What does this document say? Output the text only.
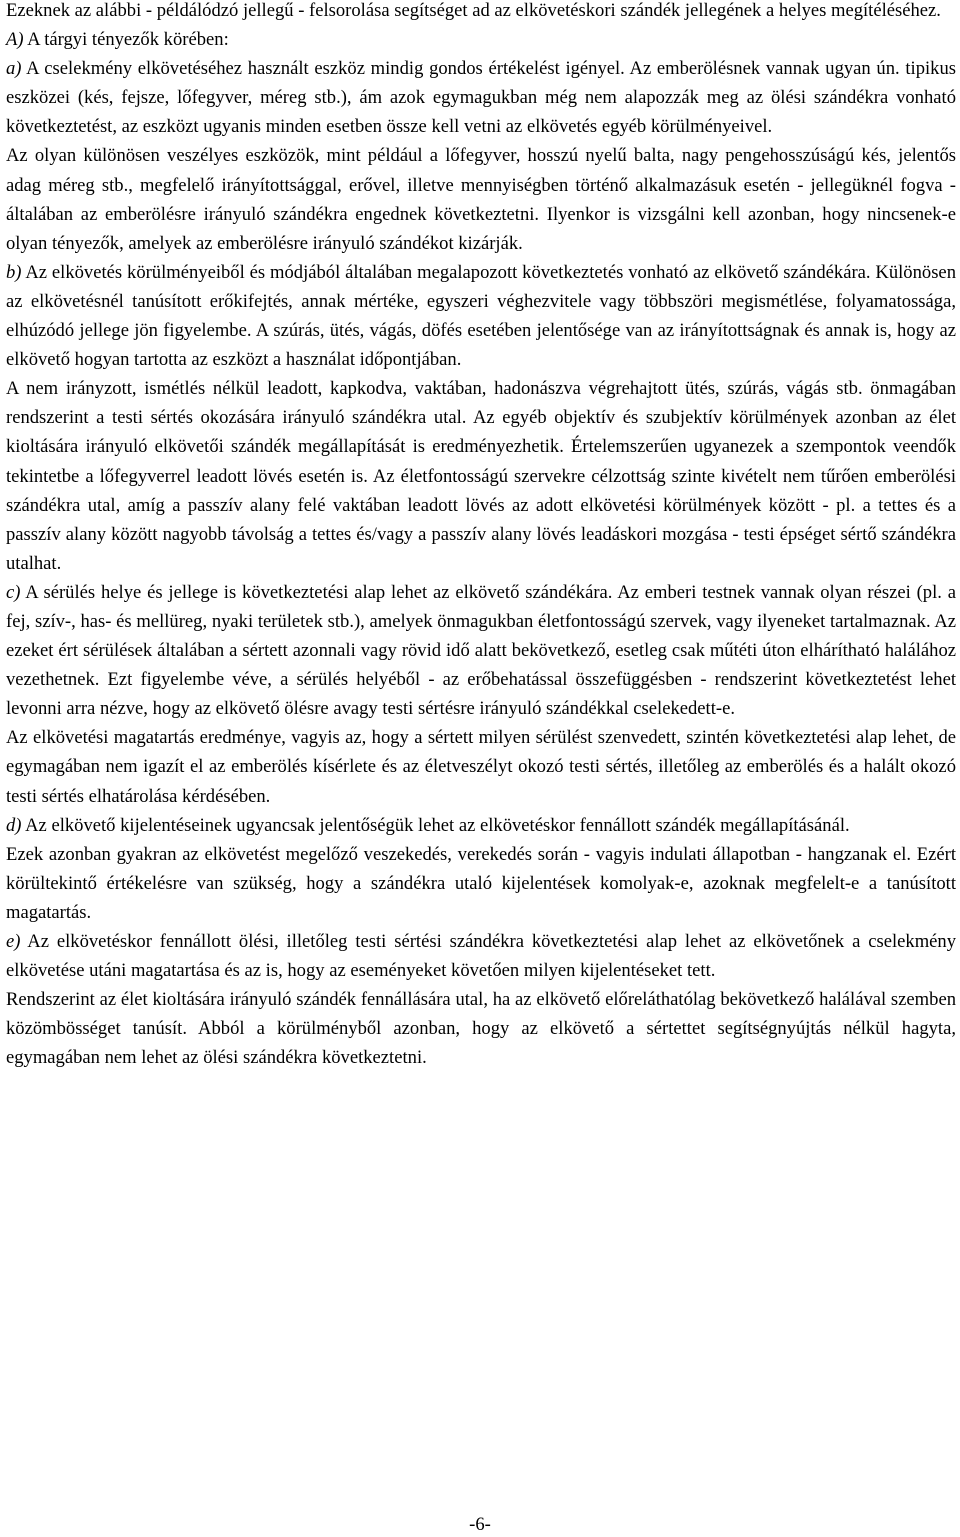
Ezeknek az alábbi - példálódzó jellegű - felsorolása segítséget ad az elkövetéskori szándék jellegének a helyes megítéléséhez.

A) A tárgyi tényezők körében:

a) A cselekmény elkövetéséhez használt eszköz mindig gondos értékelést igényel. Az emberölésnek vannak ugyan ún. tipikus eszközei (kés, fejsze, lőfegyver, méreg stb.), ám azok egymagukban még nem alapozzák meg az ölési szándékra vonható következtetést, az eszközt ugyanis minden esetben össze kell vetni az elkövetés egyéb körülményeivel.

Az olyan különösen veszélyes eszközök, mint például a lőfegyver, hosszú nyelű balta, nagy pengehosszúságú kés, jelentős adag méreg stb., megfelelő irányítottsággal, erővel, illetve mennyiségben történő alkalmazásuk esetén - jellegüknél fogva - általában az emberölésre irányuló szándékra engednek következtetni. Ilyenkor is vizsgálni kell azonban, hogy nincsenek-e olyan tényezők, amelyek az emberölésre irányuló szándékot kizárják.

b) Az elkövetés körülményeiből és módjából általában megalapozott következtetés vonható az elkövető szándékára. Különösen az elkövetésnél tanúsított erőkifejtés, annak mértéke, egyszeri véghezvitele vagy többszöri megismétlése, folyamatossága, elhúzódó jellege jön figyelembe. A szúrás, ütés, vágás, döfés esetében jelentősége van az irányítottságnak és annak is, hogy az elkövető hogyan tartotta az eszközt a használat időpontjában.

A nem irányzott, ismétlés nélkül leadott, kapkodva, vaktában, hadonászva végrehajtott ütés, szúrás, vágás stb. önmagában rendszerint a testi sértés okozására irányuló szándékra utal. Az egyéb objektív és szubjektív körülmények azonban az élet kioltására irányuló elkövetői szándék megállapítását is eredményezhetik. Értelemszerűen ugyanezek a szempontok veendők tekintetbe a lőfegyverrel leadott lövés esetén is. Az életfontosságú szervekre célzottság szinte kivételt nem tűrően emberölési szándékra utal, amíg a passzív alany felé vaktában leadott lövés az adott elkövetési körülmények között - pl. a tettes és a passzív alany között nagyobb távolság a tettes és/vagy a passzív alany lövés leadáskori mozgása - testi épséget sértő szándékra utalhat.

c) A sérülés helye és jellege is következtetési alap lehet az elkövető szándékára. Az emberi testnek vannak olyan részei (pl. a fej, szív-, has- és mellüreg, nyaki területek stb.), amelyek önmagukban életfontosságú szervek, vagy ilyeneket tartalmaznak. Az ezeket ért sérülések általában a sértett azonnali vagy rövid idő alatt bekövetkező, esetleg csak műtéti úton elhárítható halálához vezethetnek. Ezt figyelembe véve, a sérülés helyéből - az erőbehatással összefüggésben - rendszerint következtetést lehet levonni arra nézve, hogy az elkövető ölésre avagy testi sértésre irányuló szándékkal cselekedett-e.

Az elkövetési magatartás eredménye, vagyis az, hogy a sértett milyen sérülést szenvedett, szintén következtetési alap lehet, de egymagában nem igazít el az emberölés kísérlete és az életveszélyt okozó testi sértés, illetőleg az emberölés és a halált okozó testi sértés elhatárolása kérdésében.

d) Az elkövető kijelentéseinek ugyancsak jelentőségük lehet az elkövetéskor fennállott szándék megállapításánál.

Ezek azonban gyakran az elkövetést megelőző veszekedés, verekedés során - vagyis indulati állapotban - hangzanak el. Ezért körültekintő értékelésre van szükség, hogy a szándékra utaló kijelentések komolyak-e, azoknak megfelelt-e a tanúsított magatartás.

e) Az elkövetéskor fennállott ölési, illetőleg testi sértési szándékra következtetési alap lehet az elkövetőnek a cselekmény elkövetése utáni magatartása és az is, hogy az eseményeket követően milyen kijelentéseket tett.

Rendszerint az élet kioltására irányuló szándék fennállására utal, ha az elkövető előreláthatólag bekövetkező halálával szemben közömbösséget tanúsít. Abból a körülményből azonban, hogy az elkövető a sértettet segítségnyújtás nélkül hagyta, egymagában nem lehet az ölési szándékra következtetni.

-6-
